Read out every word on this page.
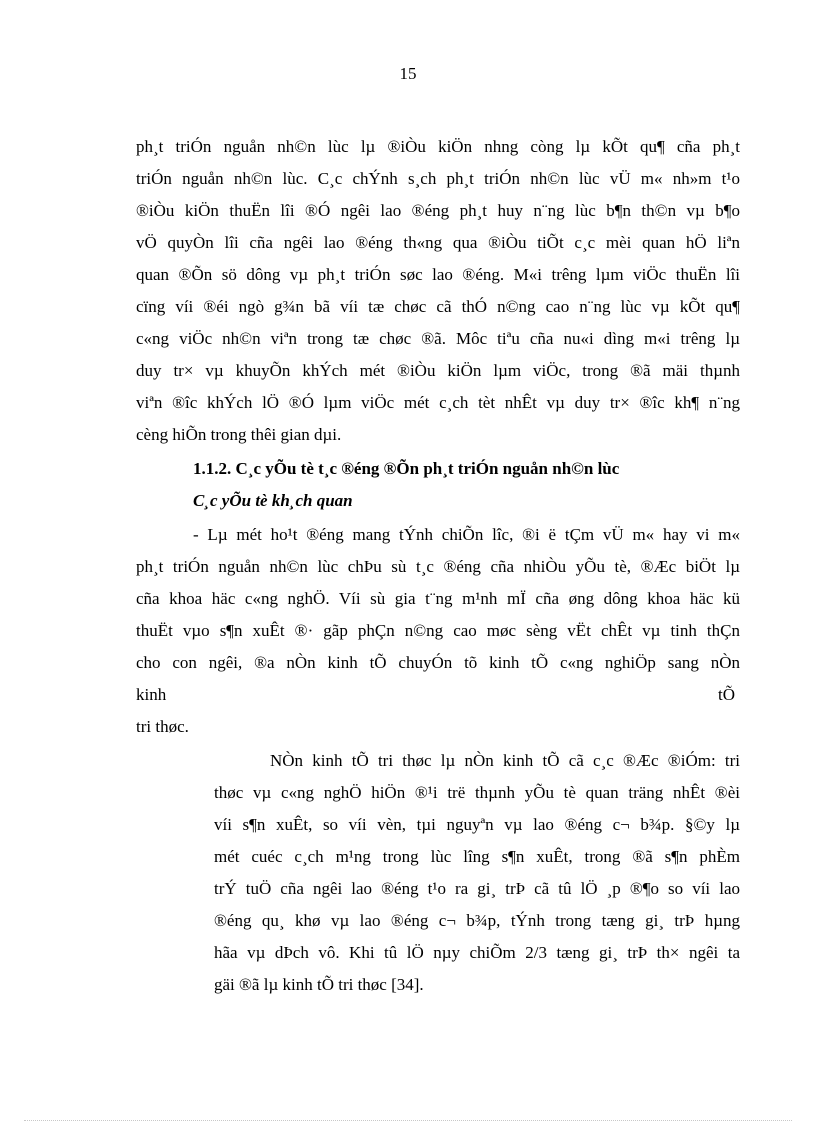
15
ph¸t triÓn nguån nh©n lùc lµ ®iÒu kiÖn nhng còng lµ kÕt qu¶ cña ph¸t
triÓn nguån nh©n lùc. C¸c chÝnh s¸ch ph¸t triÓn nh©n lùc vÜ m« nh»m t¹o
®iÒu kiÖn thuËn lîi ®Ó ngêi lao ®éng ph¸t huy n¨ng lùc b¶n th©n vµ b¶o
vÖ quyÒn lîi cña ngêi lao ®éng th«ng qua ®iÒu tiÕt c¸c mèi quan hÖ liªn
quan ®Õn sö dông vµ ph¸t triÓn søc lao ®éng. M«i trêng lµm viÖc thuËn lîi
cïng víi ®éi ngò g¾n bã víi tæ chøc cã thÓ n©ng cao n¨ng lùc vµ kÕt qu¶
c«ng viÖc nh©n viªn trong tæ chøc ®ã. Môc tiªu cña nu«i dìng m«i trêng lµ
duy tr× vµ khuyÕn khÝch mét ®iÒu kiÖn lµm viÖc, trong ®ã mäi thµnh
viªn ®îc khÝch lÖ ®Ó lµm viÖc mét c¸ch tèt nhÊt vµ duy tr× ®îc kh¶ n¨ng
cèng hiÕn trong thêi gian dµi.
1.1.2. C¸c yÕu tè t¸c ®éng ®Õn ph¸t triÓn nguån nh©n lùc
C¸c yÕu tè kh¸ch quan
- Lµ mét ho¹t ®éng mang tÝnh chiÕn lîc, ®i ë tÇm vÜ m« hay vi m«
ph¸t triÓn nguån nh©n lùc chÞu sù t¸c ®éng cña nhiÒu yÕu tè, ®Æc biÖt lµ
cña khoa häc c«ng nghÖ. Víi sù gia t¨ng m¹nh mÏ cña øng dông khoa häc kü
thuËt vµo s¶n xuÊt ®· gãp phÇn n©ng cao møc sèng vËt chÊt vµ tinh thÇn
cho con ngêi, ®a nÒn kinh tÕ chuyÓn tõ kinh tÕ c«ng nghiÖp sang nÒn
kinh	tÕ
tri thøc.
NÒn kinh tÕ tri thøc lµ nÒn kinh tÕ cã c¸c ®Æc ®iÓm: tri
thøc vµ c«ng nghÖ hiÖn ®¹i trë thµnh yÕu tè quan träng nhÊt ®èi
víi s¶n xuÊt, so víi vèn, tµi nguyªn vµ lao ®éng c¬ b¾p. §©y lµ
mét cuéc c¸ch m¹ng trong lùc lîng s¶n xuÊt, trong ®ã s¶n phÈm
trÝ tuÖ cña ngêi lao ®éng t¹o ra gi¸ trÞ cã tû lÖ ¸p ®¶o so víi lao
®éng qu¸ khø vµ lao ®éng c¬ b¾p, tÝnh trong tæng gi¸ trÞ hµng
hãa vµ dÞch vô. Khi tû lÖ nµy chiÕm 2/3 tæng gi¸ trÞ th× ngêi ta
gäi ®ã lµ kinh tÕ tri thøc [34].
